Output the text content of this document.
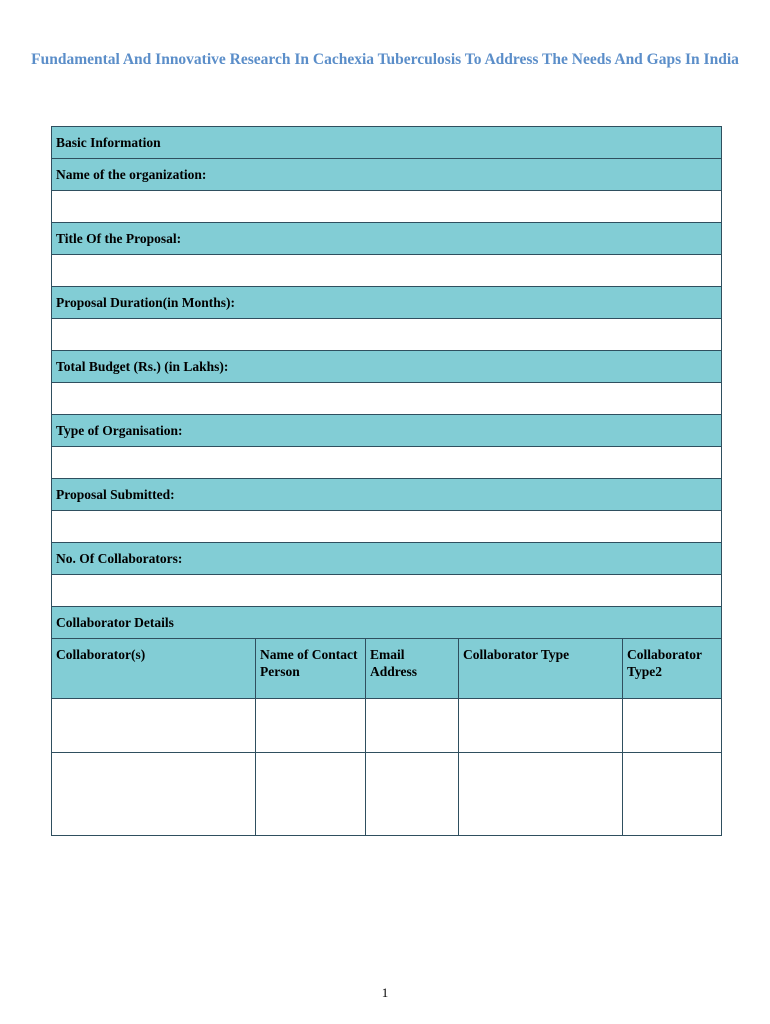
Fundamental And Innovative Research In Cachexia Tuberculosis To Address The Needs And Gaps In India
Basic Information				
Name of the organization:				

Title Of the Proposal:				

Proposal Duration(in Months):				

Total Budget (Rs.) (in Lakhs):				

Type of Organisation:				

Proposal Submitted:				

No. Of Collaborators:				

Collaborator Details				
Collaborator(s)	Name of Contact Person	Email Address	Collaborator Type	Collaborator Type2

1
